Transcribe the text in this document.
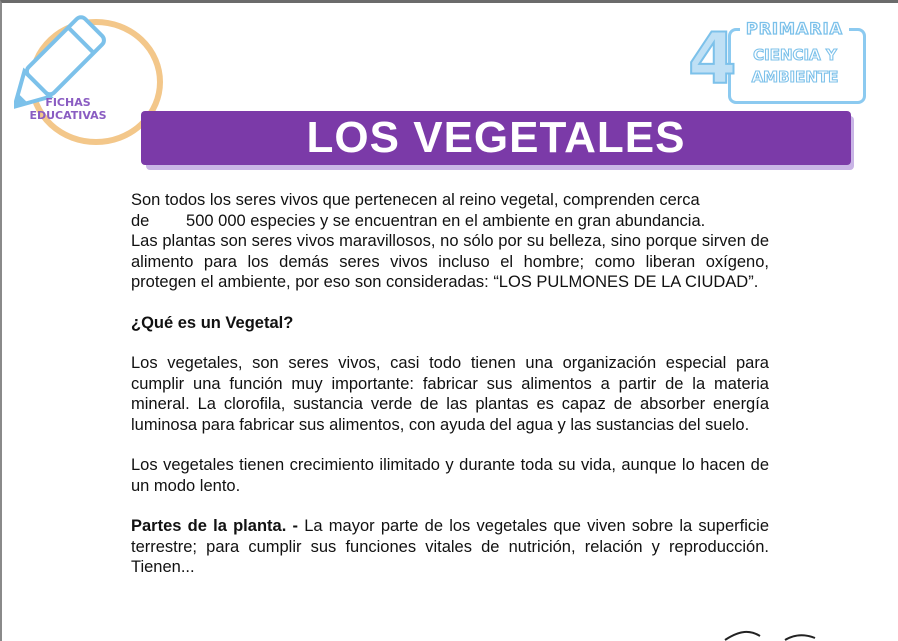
FICHAS EDUCATIVAS
4 PRIMARIA
CIENCIA Y
AMBIENTE
LOS VEGETALES

Son todos los seres vivos que pertenecen al reino vegetal, comprenden cerca
de        500 000 especies y se encuentran en el ambiente en gran abundancia.
Las plantas son seres vivos maravillosos, no sólo por su belleza, sino porque sirven de alimento para los demás seres vivos incluso el hombre; como liberan oxígeno, protegen el ambiente, por eso son consideradas: “LOS PULMONES DE LA CIUDAD”.

¿Qué es un Vegetal?

Los vegetales, son seres vivos, casi todo tienen una organización especial para cumplir una función muy importante: fabricar sus alimentos a partir de la materia mineral. La clorofila, sustancia verde de las plantas es capaz de absorber energía luminosa para fabricar sus alimentos, con ayuda del agua y las sustancias del suelo.

Los vegetales tienen crecimiento ilimitado y durante toda su vida, aunque lo hacen de un modo lento.

Partes de la planta. - La mayor parte de los vegetales que viven sobre la superficie terrestre; para cumplir sus funciones vitales de nutrición, relación y reproducción. Tienen...
